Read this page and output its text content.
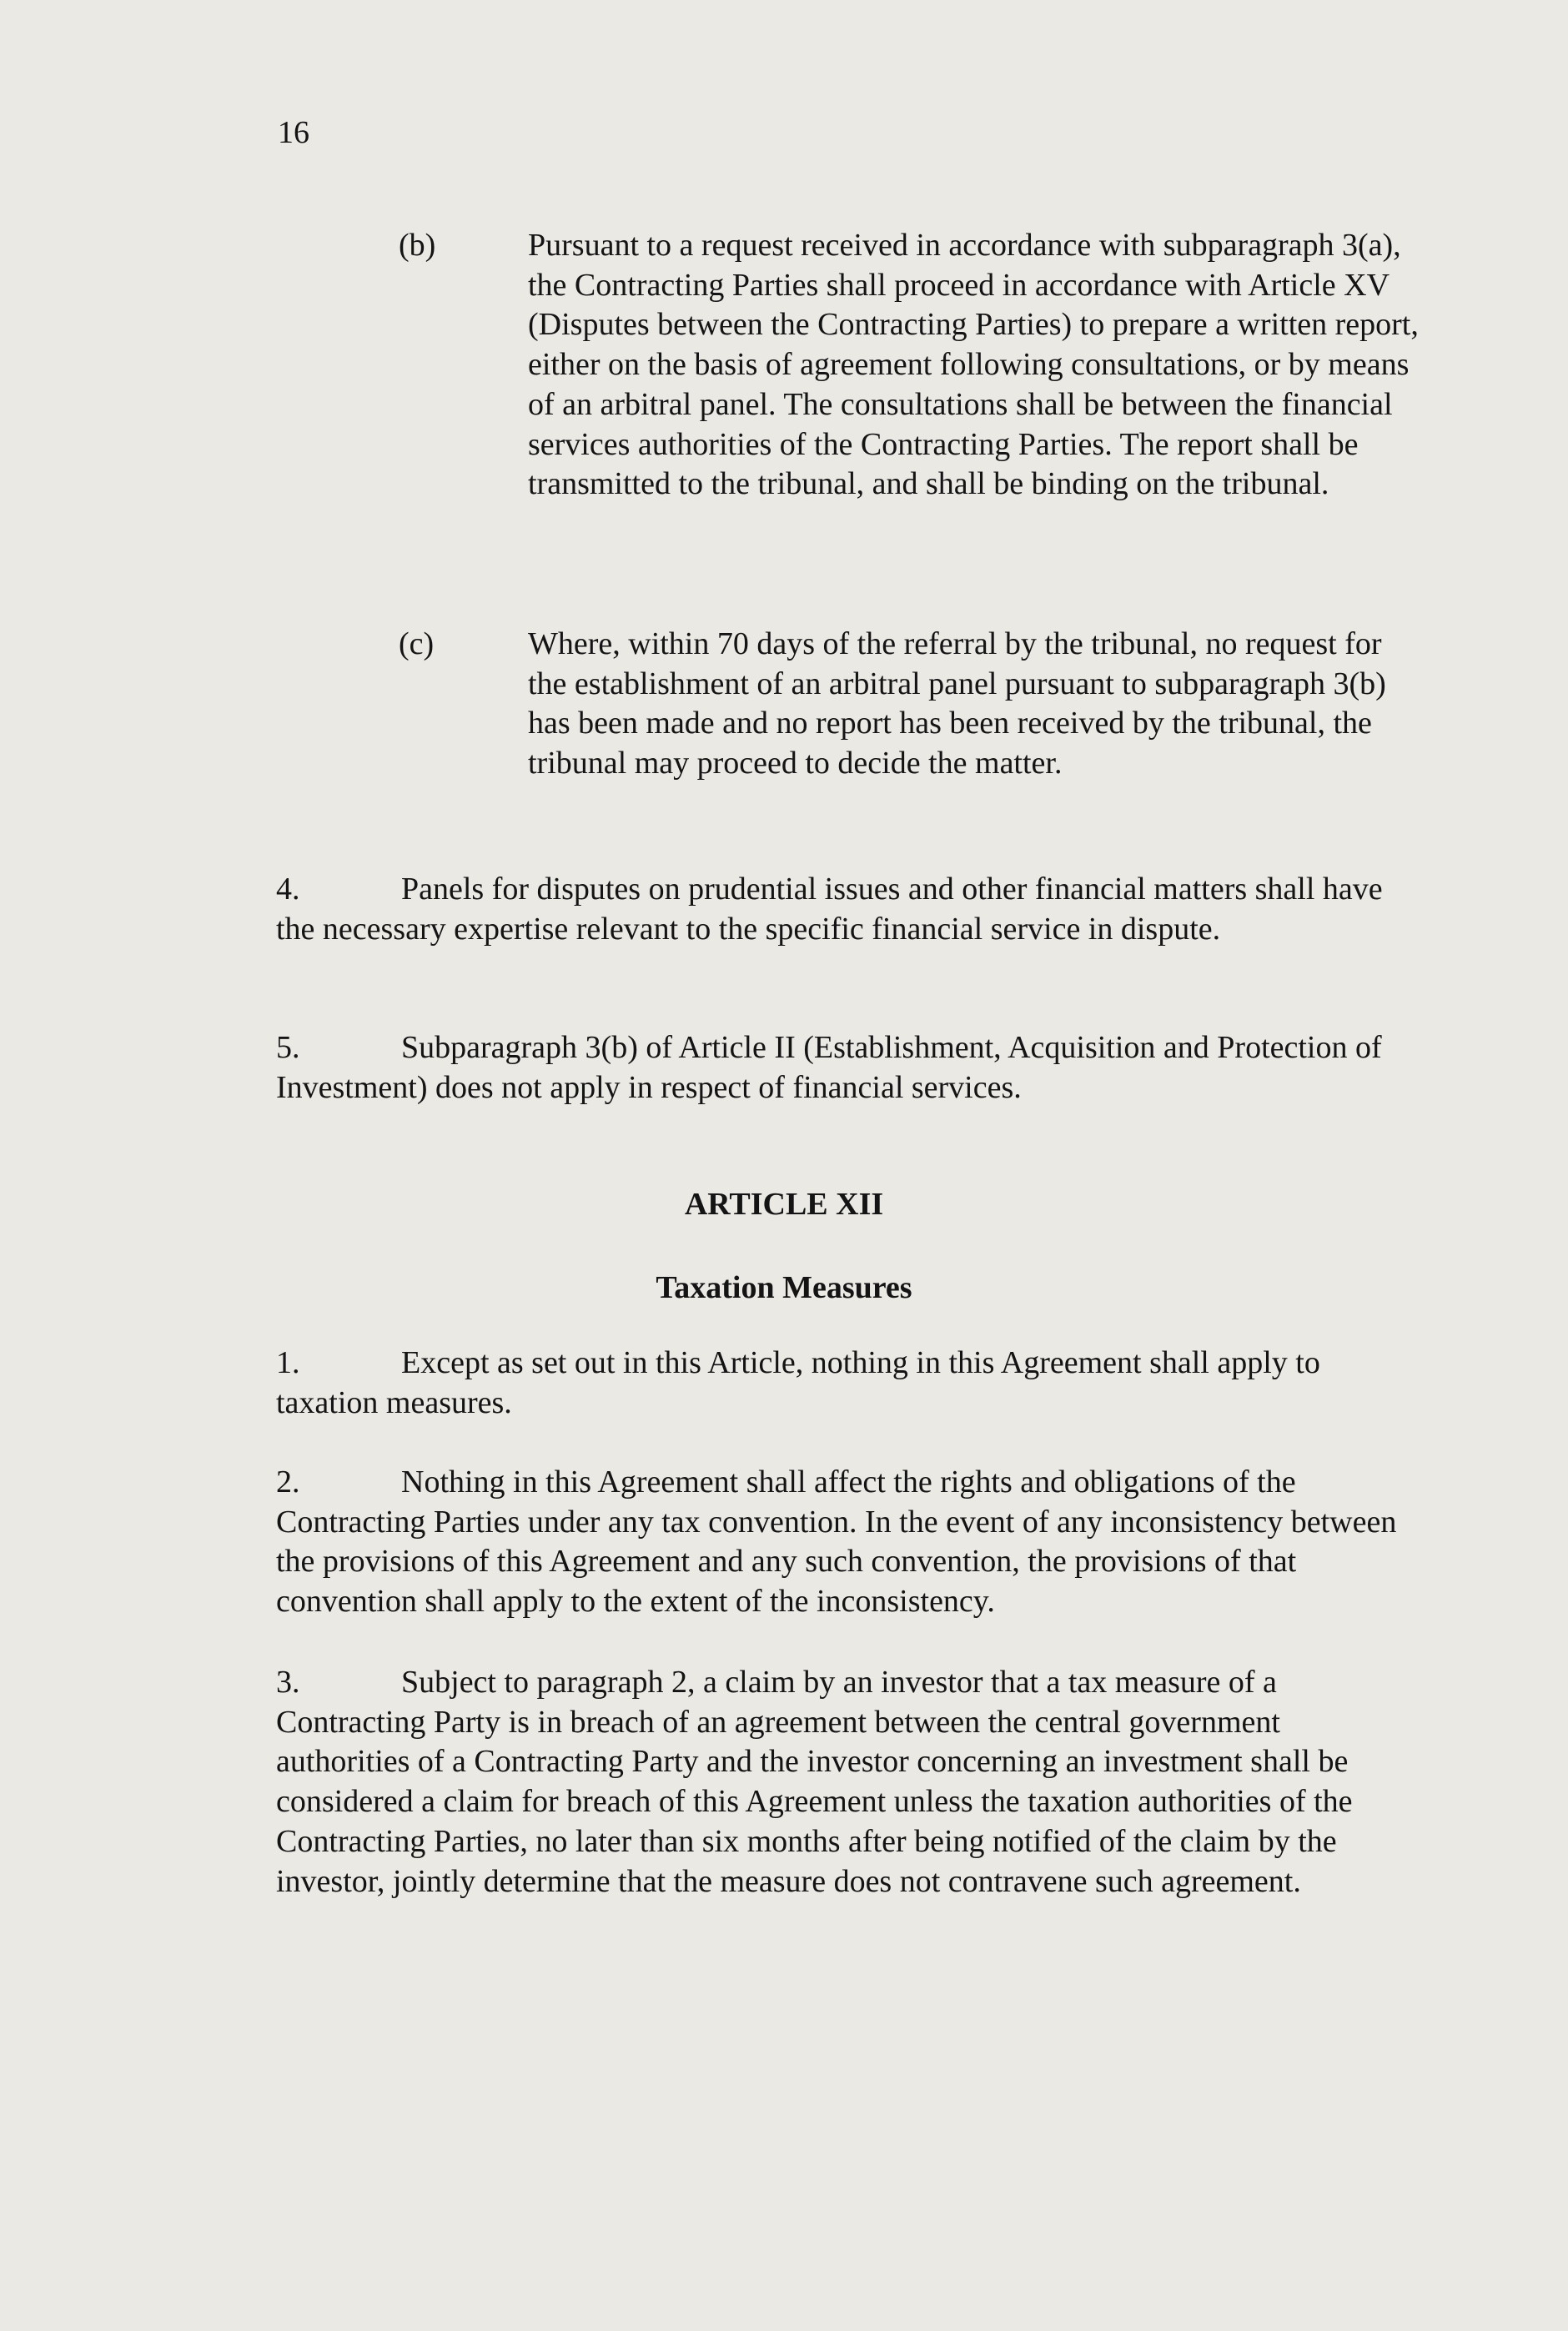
16
(b)	Pursuant to a request received in accordance with subparagraph 3(a), the Contracting Parties shall proceed in accordance with Article XV (Disputes between the Contracting Parties) to prepare a written report, either on the basis of agreement following consultations, or by means of an arbitral panel. The consultations shall be between the financial services authorities of the Contracting Parties. The report shall be transmitted to the tribunal, and shall be binding on the tribunal.
(c)	Where, within 70 days of the referral by the tribunal, no request for the establishment of an arbitral panel pursuant to subparagraph 3(b) has been made and no report has been received by the tribunal, the tribunal may proceed to decide the matter.
4.	Panels for disputes on prudential issues and other financial matters shall have the necessary expertise relevant to the specific financial service in dispute.
5.	Subparagraph 3(b) of Article II (Establishment, Acquisition and Protection of Investment) does not apply in respect of financial services.
ARTICLE XII
Taxation Measures
1.	Except as set out in this Article, nothing in this Agreement shall apply to taxation measures.
2.	Nothing in this Agreement shall affect the rights and obligations of the Contracting Parties under any tax convention. In the event of any inconsistency between the provisions of this Agreement and any such convention, the provisions of that convention shall apply to the extent of the inconsistency.
3.	Subject to paragraph 2, a claim by an investor that a tax measure of a Contracting Party is in breach of an agreement between the central government authorities of a Contracting Party and the investor concerning an investment shall be considered a claim for breach of this Agreement unless the taxation authorities of the Contracting Parties, no later than six months after being notified of the claim by the investor, jointly determine that the measure does not contravene such agreement.
